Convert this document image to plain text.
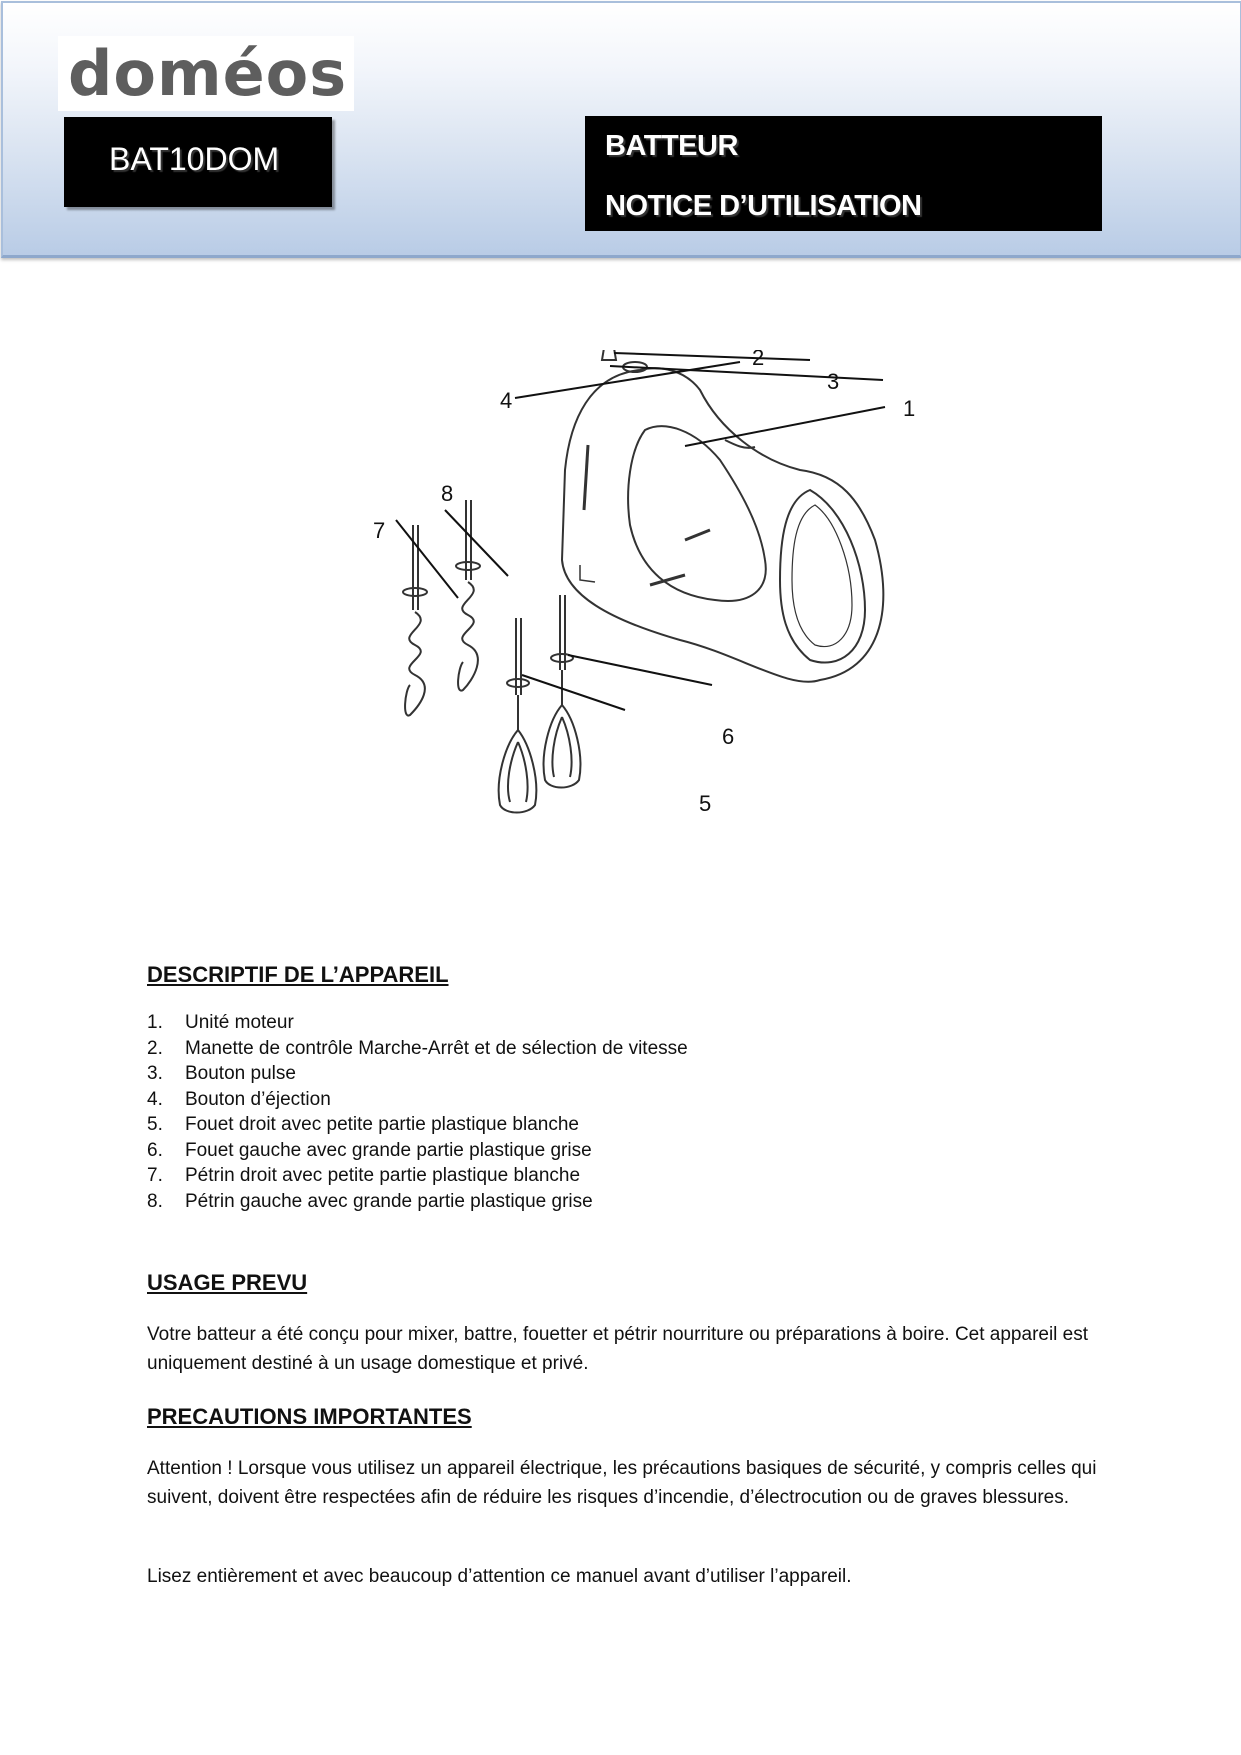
doméos
BAT10DOM	BATTEUR
NOTICE D’UTILISATION
2
3
1
4
8
7
6
5
DESCRIPTIF DE L’APPAREIL
1. Unité moteur
2. Manette de contrôle Marche-Arrêt et de sélection de vitesse
3. Bouton pulse
4. Bouton d’éjection
5. Fouet droit avec petite partie plastique blanche
6. Fouet gauche avec grande partie plastique grise
7. Pétrin droit avec petite partie plastique blanche
8. Pétrin gauche avec grande partie plastique grise
USAGE PREVU
Votre batteur a été conçu pour mixer, battre, fouetter et pétrir nourriture ou préparations à boire. Cet appareil est uniquement destiné à un usage domestique et privé.
PRECAUTIONS IMPORTANTES
Attention ! Lorsque vous utilisez un appareil électrique, les précautions basiques de sécurité, y compris celles qui suivent, doivent être respectées afin de réduire les risques d’incendie, d’électrocution ou de graves blessures.
Lisez entièrement et avec beaucoup d’attention ce manuel avant d’utiliser l’appareil.
